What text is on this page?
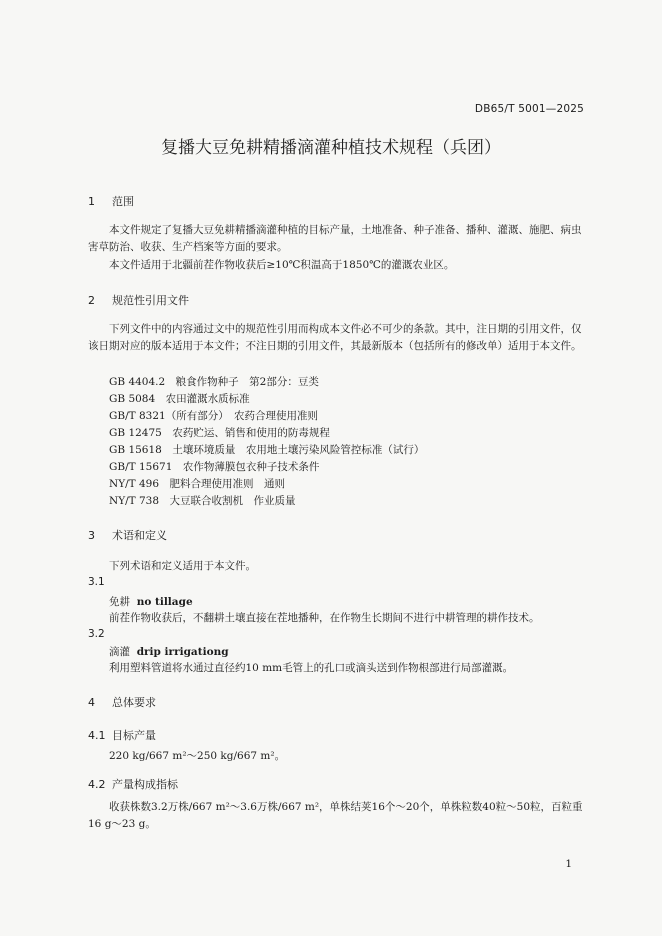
DB65/T 5001—2025
复播大豆免耕精播滴灌种植技术规程（兵团）
1 范围
本文件规定了复播大豆免耕精播滴灌种植的目标产量，土地准备、种子准备、播种、灌溉、施肥、病虫害草防治、收获、生产档案等方面的要求。
本文件适用于北疆前茬作物收获后≥10℃积温高于1850℃的灌溉农业区。
2 规范性引用文件
下列文件中的内容通过文中的规范性引用而构成本文件必不可少的条款。其中，注日期的引用文件，仅该日期对应的版本适用于本文件；不注日期的引用文件，其最新版本（包括所有的修改单）适用于本文件。
GB 4404.2　粮食作物种子　第2部分：豆类
GB 5084　农田灌溉水质标准
GB/T 8321（所有部分）　农药合理使用准则
GB 12475　农药贮运、销售和使用的防毒规程
GB 15618　土壤环境质量　农用地土壤污染风险管控标准（试行）
GB/T 15671　农作物薄膜包衣种子技术条件
NY/T 496　肥料合理使用准则　通则
NY/T 738　大豆联合收割机　作业质量
3 术语和定义
下列术语和定义适用于本文件。
3.1
免耕 no tillage
前茬作物收获后，不翻耕土壤直接在茬地播种，在作物生长期间不进行中耕管理的耕作技术。
3.2
滴灌 drip irrigationg
利用塑料管道将水通过直径约10 mm毛管上的孔口或滴头送到作物根部进行局部灌溉。
4 总体要求
4.1 目标产量
220 kg/667 m²～250 kg/667 m²。
4.2 产量构成指标
收获株数3.2万株/667 m²～3.6万株/667 m²，单株结荚16个～20个，单株粒数40粒～50粒，百粒重16 g～23 g。
1
